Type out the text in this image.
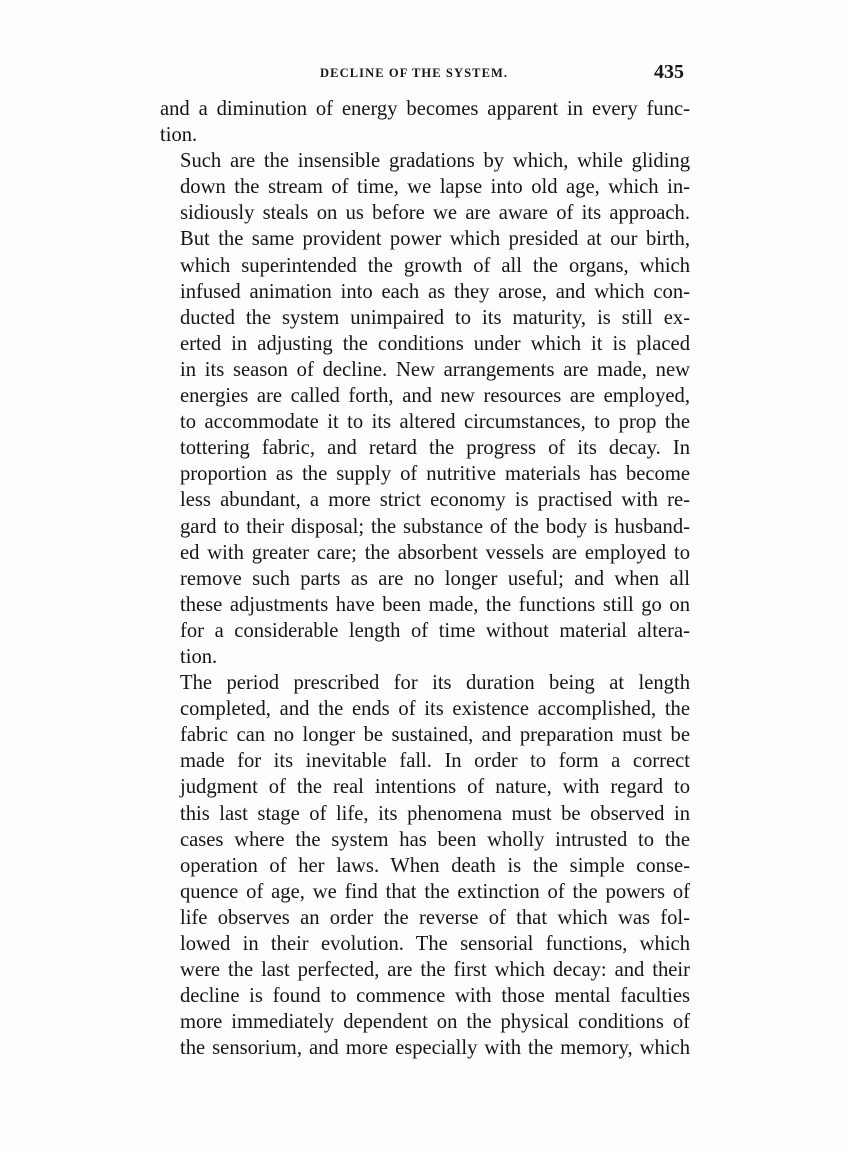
DECLINE OF THE SYSTEM.	435

and a diminution of energy becomes apparent in every func-
tion.

Such are the insensible gradations by which, while gliding
down the stream of time, we lapse into old age, which in-
sidiously steals on us before we are aware of its approach.
But the same provident power which presided at our birth,
which superintended the growth of all the organs, which
infused animation into each as they arose, and which con-
ducted the system unimpaired to its maturity, is still ex-
erted in adjusting the conditions under which it is placed
in its season of decline. New arrangements are made, new
energies are called forth, and new resources are employed,
to accommodate it to its altered circumstances, to prop the
tottering fabric, and retard the progress of its decay. In
proportion as the supply of nutritive materials has become
less abundant, a more strict economy is practised with re-
gard to their disposal; the substance of the body is husband-
ed with greater care; the absorbent vessels are employed to
remove such parts as are no longer useful; and when all
these adjustments have been made, the functions still go on
for a considerable length of time without material altera-
tion.

The period prescribed for its duration being at length
completed, and the ends of its existence accomplished, the
fabric can no longer be sustained, and preparation must be
made for its inevitable fall. In order to form a correct
judgment of the real intentions of nature, with regard to
this last stage of life, its phenomena must be observed in
cases where the system has been wholly intrusted to the
operation of her laws. When death is the simple conse-
quence of age, we find that the extinction of the powers of
life observes an order the reverse of that which was fol-
lowed in their evolution. The sensorial functions, which
were the last perfected, are the first which decay: and their
decline is found to commence with those mental faculties
more immediately dependent on the physical conditions of
the sensorium, and more especially with the memory, which
